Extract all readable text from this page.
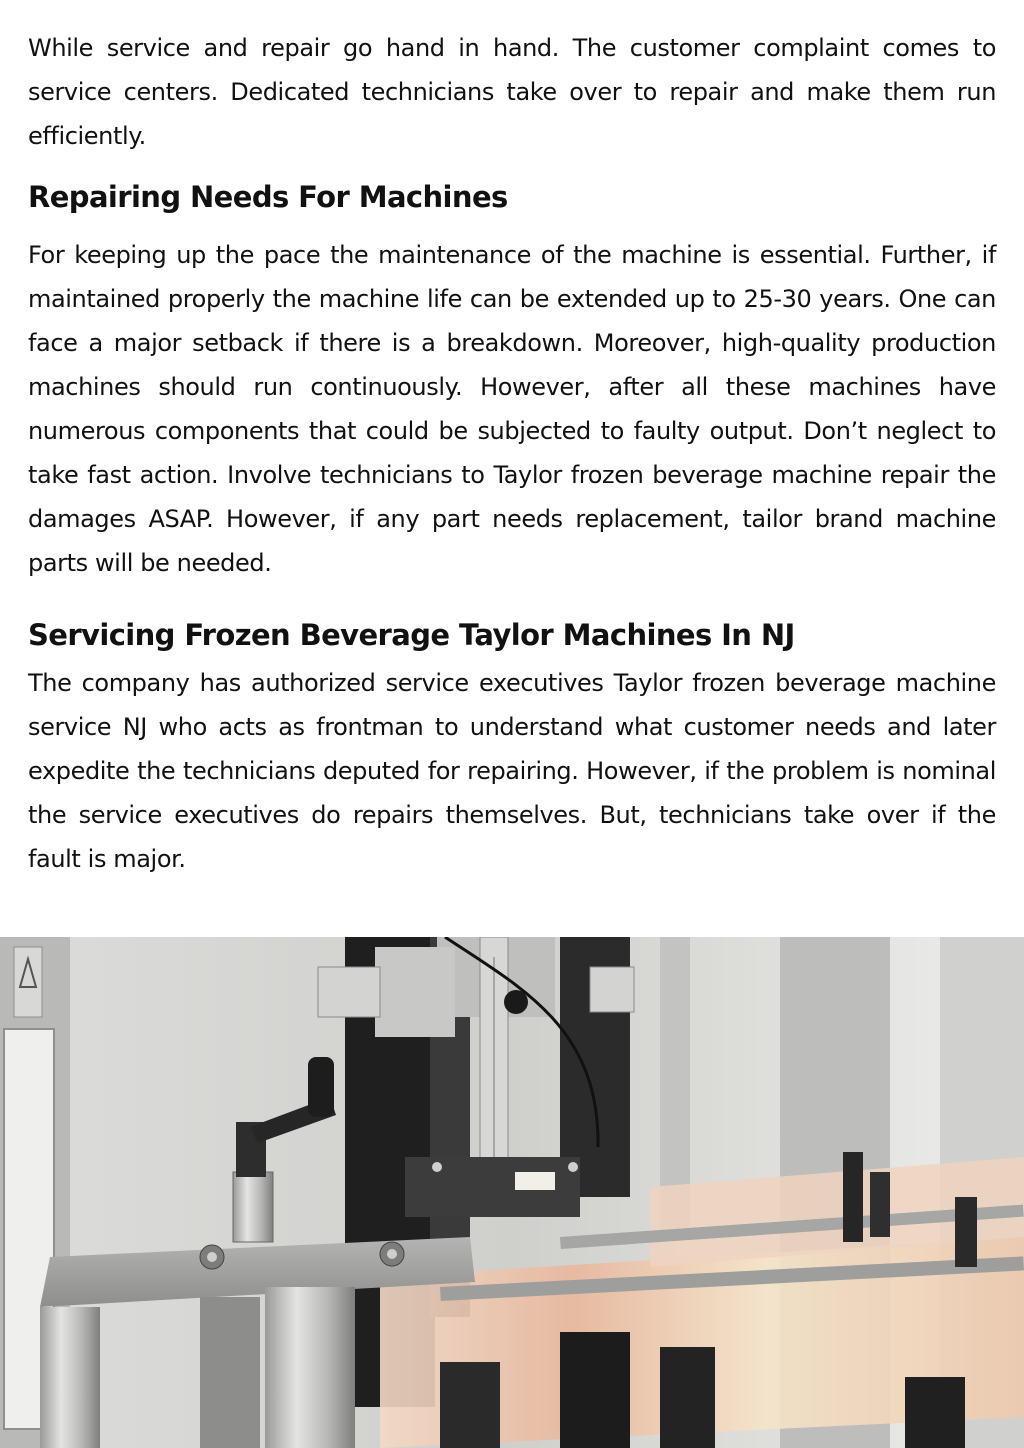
While service and repair go hand in hand. The customer complaint comes to service centers. Dedicated technicians take over to repair and make them run efficiently.

Repairing Needs For Machines

For keeping up the pace the maintenance of the machine is essential. Further, if maintained properly the machine life can be extended up to 25-30 years. One can face a major setback if there is a breakdown. Moreover, high-quality production machines should run continuously. However, after all these machines have numerous components that could be subjected to faulty output. Don’t neglect to take fast action. Involve technicians to Taylor frozen beverage machine repair the damages ASAP. However, if any part needs replacement, tailor brand machine parts will be needed.

Servicing Frozen Beverage Taylor Machines In NJ

The company has authorized service executives Taylor frozen beverage machine service NJ who acts as frontman to understand what customer needs and later expedite the technicians deputed for repairing. However, if the problem is nominal the service executives do repairs themselves. But, technicians take over if the fault is major.
